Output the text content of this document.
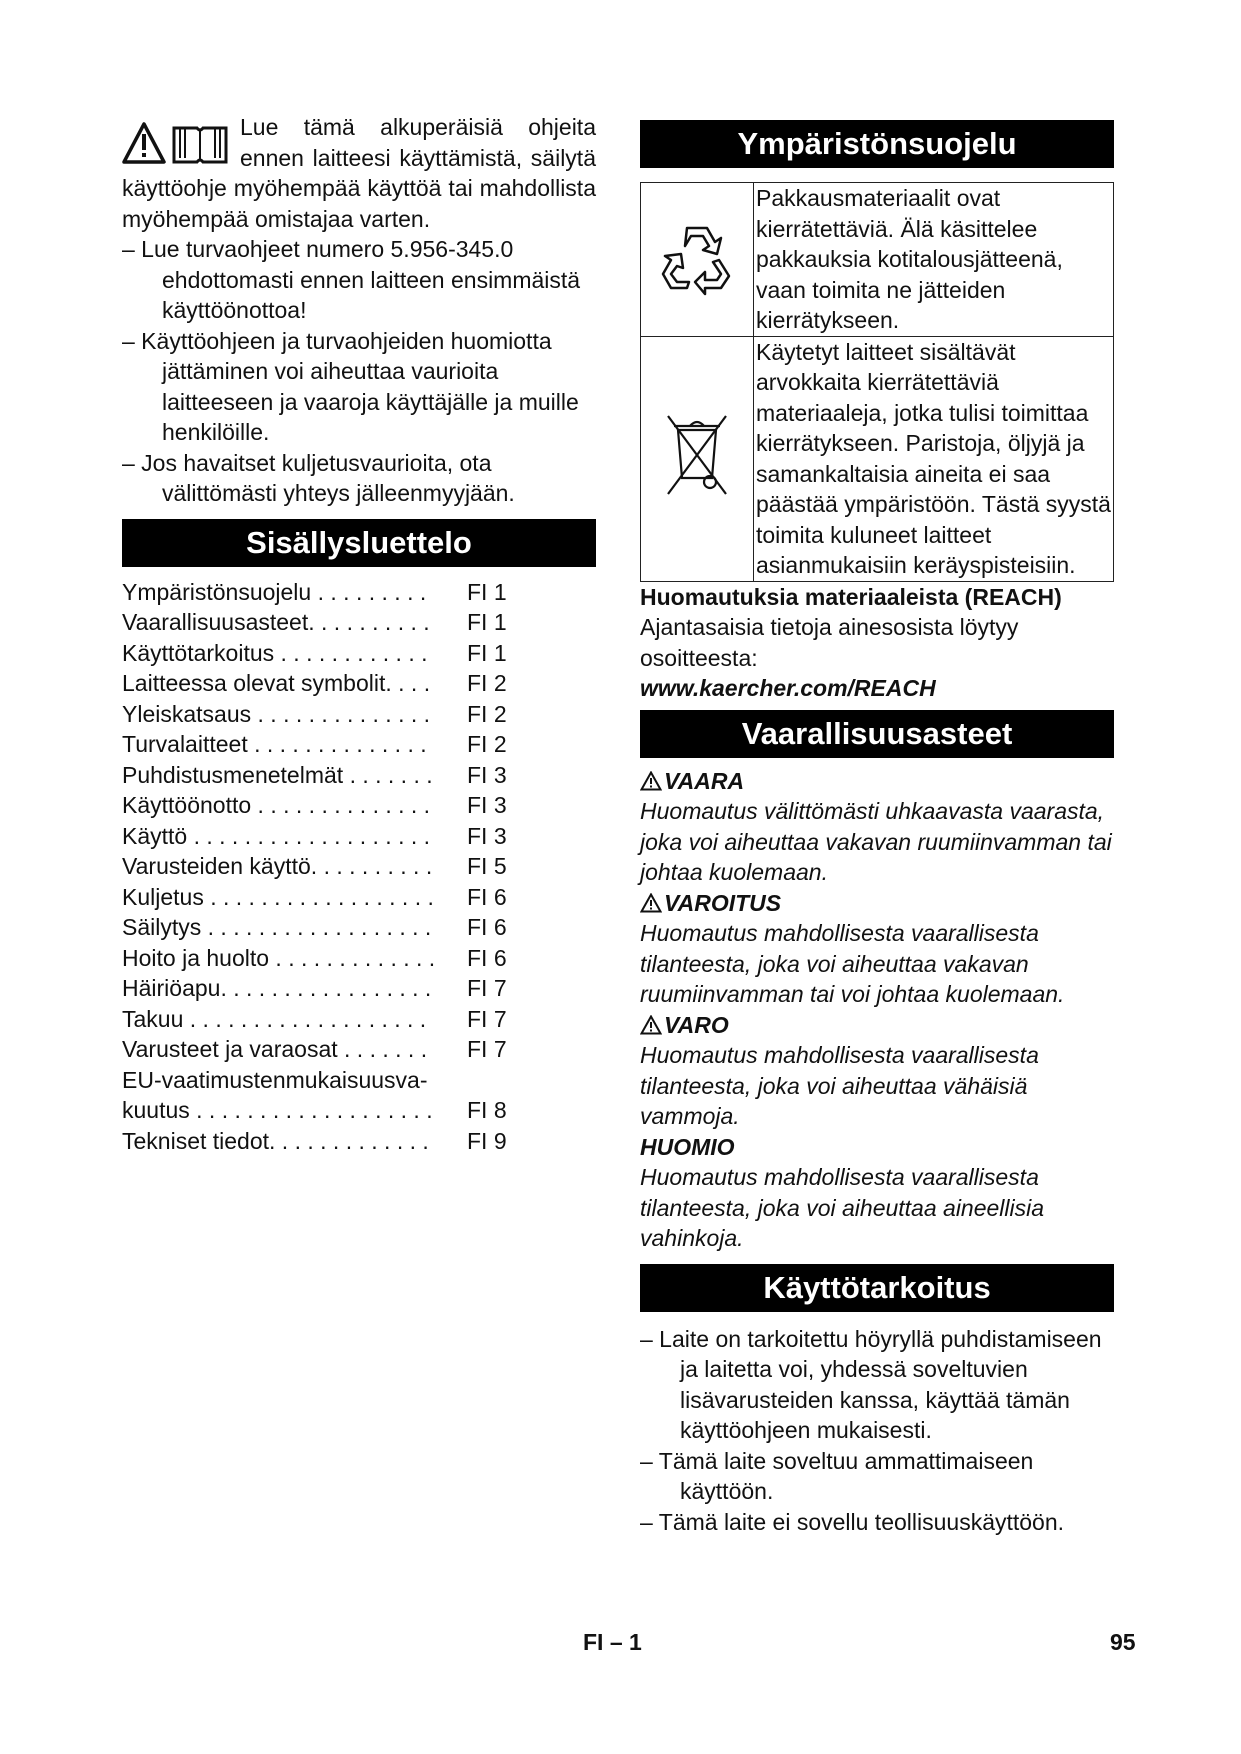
Lue tämä alkuperäisiä ohjeita ennen laitteesi käyttämistä, säilytä käyttöohje myöhempää käyttöä tai mahdollista myöhempää omistajaa varten.

– Lue turvaohjeet numero 5.956-345.0 ehdottomasti ennen laitteen ensimmäistä käyttöönottoa!

– Käyttöohjeen ja turvaohjeiden huomiotta jättäminen voi aiheuttaa vaurioita laitteeseen ja vaaroja käyttäjälle ja muille henkilöille.

– Jos havaitset kuljetusvaurioita, ota välittömästi yhteys jälleenmyyjään.

Sisällysluettelo
Ympäristönsuojelu . . . . . . . . .	FI 1
Vaarallisuusasteet. . . . . . . . . .	FI 1
Käyttötarkoitus . . . . . . . . . . . .	FI 1
Laitteessa olevat symbolit. . . .	FI 2
Yleiskatsaus . . . . . . . . . . . . . .	FI 2
Turvalaitteet . . . . . . . . . . . . . .	FI 2
Puhdistusmenetelmät . . . . . . .	FI 3
Käyttöönotto . . . . . . . . . . . . . .	FI 3
Käyttö . . . . . . . . . . . . . . . . . . .	FI 3
Varusteiden käyttö. . . . . . . . . .	FI 5
Kuljetus . . . . . . . . . . . . . . . . . .	FI 6
Säilytys . . . . . . . . . . . . . . . . . .	FI 6
Hoito ja huolto . . . . . . . . . . . . .	FI 6
Häiriöapu. . . . . . . . . . . . . . . . .	FI 7
Takuu . . . . . . . . . . . . . . . . . . .	FI 7
Varusteet ja varaosat . . . . . . .	FI 7
EU-vaatimustenmukaisuusva-
kuutus . . . . . . . . . . . . . . . . . . .	FI 8
Tekniset tiedot. . . . . . . . . . . . .	FI 9
Ympäristönsuojelu
	Pakkausmateriaalit ovat kierrätettäviä. Älä käsittelee pakkauksia kotitalousjätteenä, vaan toimita ne jätteiden kierrätykseen.
	Käytetyt laitteet sisältävät arvokkaita kierrätettäviä materiaaleja, jotka tulisi toimittaa kierrätykseen. Paristoja, öljyjä ja samankaltaisia aineita ei saa päästää ympäristöön. Tästä syystä toimita kuluneet laitteet asianmukaisiin keräyspisteisiin.

Huomautuksia materiaaleista (REACH)

Ajantasaisia tietoja ainesosista löytyy osoitteesta:

www.kaercher.com/REACH

Vaarallisuusasteet

VAARA

Huomautus välittömästi uhkaavasta vaarasta, joka voi aiheuttaa vakavan ruumiinvamman tai johtaa kuolemaan.

VAROITUS

Huomautus mahdollisesta vaarallisesta tilanteesta, joka voi aiheuttaa vakavan ruumiinvamman tai voi johtaa kuolemaan.

VARO

Huomautus mahdollisesta vaarallisesta tilanteesta, joka voi aiheuttaa vähäisiä vammoja.

HUOMIO

Huomautus mahdollisesta vaarallisesta tilanteesta, joka voi aiheuttaa aineellisia vahinkoja.

Käyttötarkoitus

– Laite on tarkoitettu höyryllä puhdistamiseen ja laitetta voi, yhdessä soveltuvien lisävarusteiden kanssa, käyttää tämän käyttöohjeen mukaisesti.

– Tämä laite soveltuu ammattimaiseen käyttöön.

– Tämä laite ei sovellu teollisuuskäyttöön.

FI – 1	95
